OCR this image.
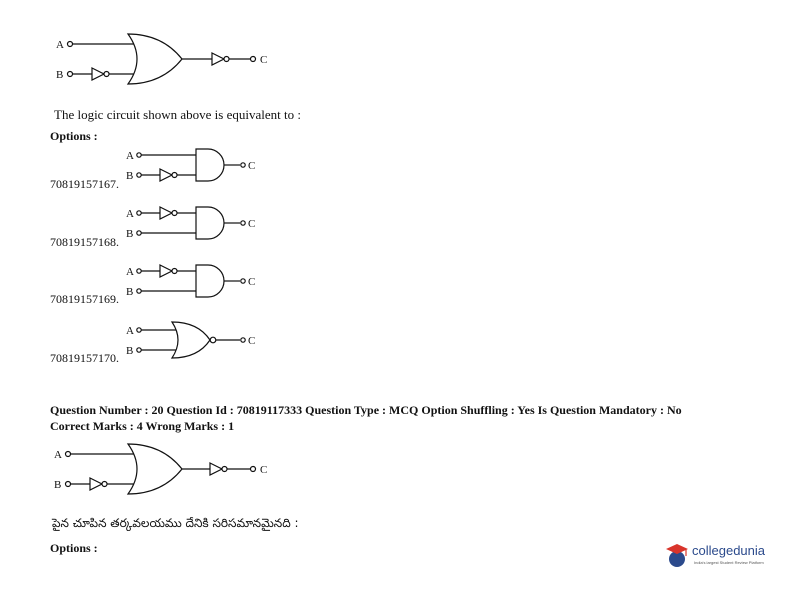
A
B
C
The logic circuit shown above is equivalent to :
Options :
70819157167.
A
B
C
70819157168.
A
B
C
70819157169.
A
B
C
70819157170.
A
B
C
Question Number : 20 Question Id : 70819117333 Question Type : MCQ Option Shuffling : Yes Is Question Mandatory : No
Correct Marks : 4 Wrong Marks : 1
A
B
C
పైన చూపిన తర్కవలయము దేనికి సరిసమానమైనది :
Options :	collegedunia
India's largest Student Review Platform
